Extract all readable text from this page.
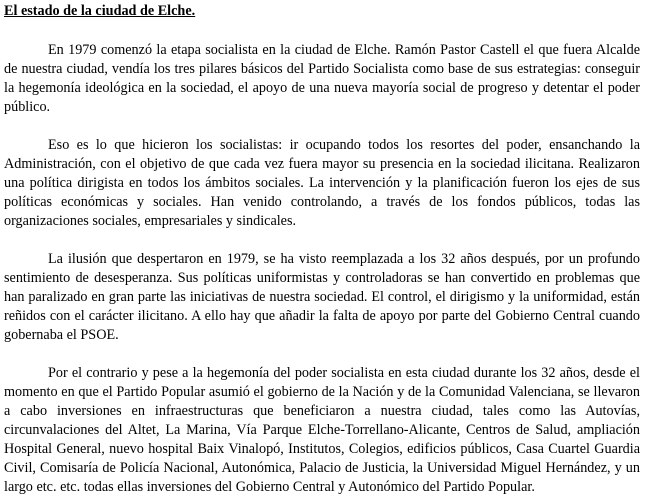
El estado de la ciudad de Elche.

En 1979 comenzó la etapa socialista en la ciudad de Elche. Ramón Pastor Castell el que fuera Alcalde de nuestra ciudad, vendía los tres pilares básicos del Partido Socialista como base de sus estrategias: conseguir la hegemonía ideológica en la sociedad, el apoyo de una nueva mayoría social de progreso y detentar el poder público.

Eso es lo que hicieron los socialistas: ir ocupando todos los resortes del poder, ensanchando la Administración, con el objetivo de que cada vez fuera mayor su presencia en la sociedad ilicitana. Realizaron una política dirigista en todos los ámbitos sociales. La intervención y la planificación fueron los ejes de sus políticas económicas y sociales. Han venido controlando, a través de los fondos públicos, todas las organizaciones sociales, empresariales y sindicales.

La ilusión que despertaron en 1979, se ha visto reemplazada a los 32 años después, por un profundo sentimiento de desesperanza. Sus políticas uniformistas y controladoras se han convertido en problemas que han paralizado en gran parte las iniciativas de nuestra sociedad. El control, el dirigismo y la uniformidad, están reñidos con el carácter ilicitano. A ello hay que añadir la falta de apoyo por parte del Gobierno Central cuando gobernaba el PSOE.

Por el contrario y pese a la hegemonía del poder socialista en esta ciudad durante los 32 años, desde el momento en que el Partido Popular asumió el gobierno de la Nación y de la Comunidad Valenciana, se llevaron a cabo inversiones en infraestructuras que beneficiaron a nuestra ciudad, tales como las Autovías, circunvalaciones del Altet, La Marina, Vía Parque Elche-Torrellano-Alicante, Centros de Salud, ampliación Hospital General, nuevo hospital Baix Vinalopó, Institutos, Colegios, edificios públicos, Casa Cuartel Guardia Civil, Comisaría de Policía Nacional, Autonómica, Palacio de Justicia, la Universidad Miguel Hernández, y un largo etc. etc. todas ellas inversiones del Gobierno Central y Autonómico del Partido Popular.
